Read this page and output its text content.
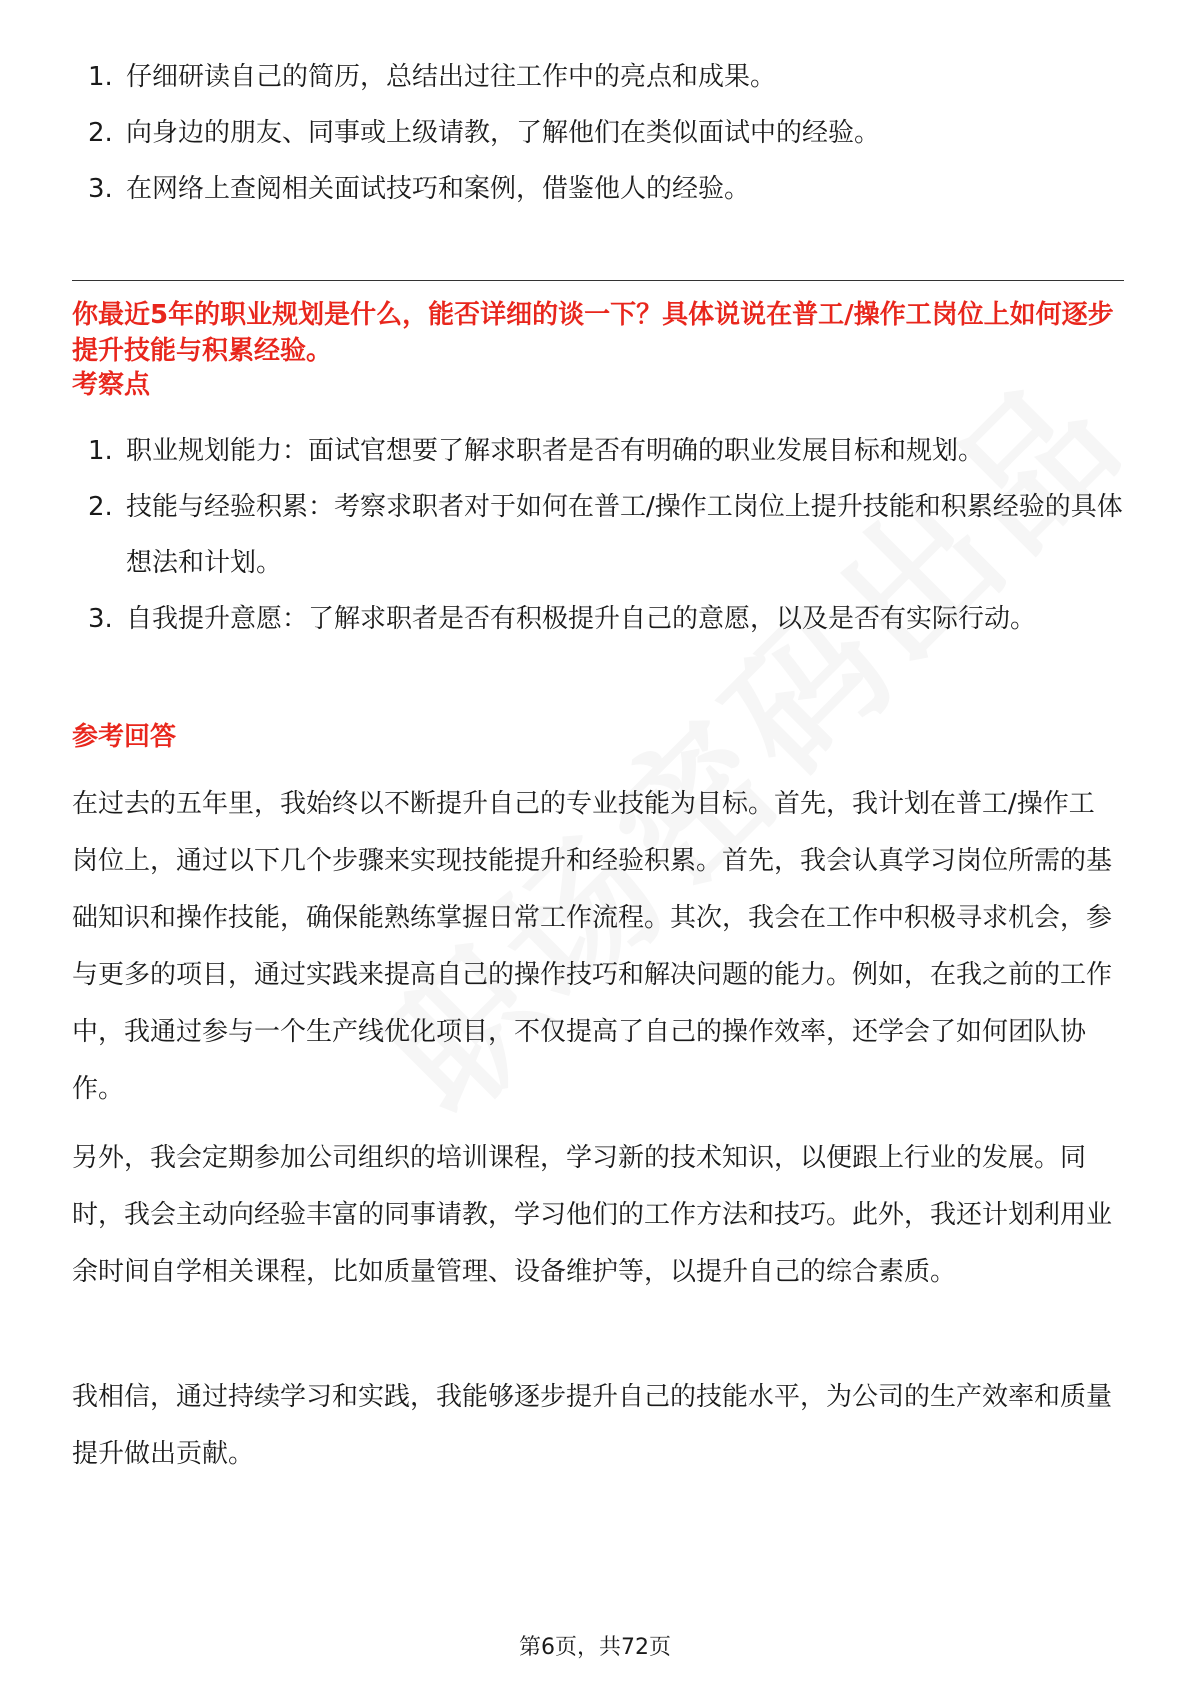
1. 仔细研读自己的简历，总结出过往工作中的亮点和成果。
2. 向身边的朋友、同事或上级请教，了解他们在类似面试中的经验。
3. 在网络上查阅相关面试技巧和案例，借鉴他人的经验。
你最近5年的职业规划是什么，能否详细的谈一下？具体说说在普工/操作工岗位上如何逐步提升技能与积累经验。
考察点
1. 职业规划能力：面试官想要了解求职者是否有明确的职业发展目标和规划。
2. 技能与经验积累：考察求职者对于如何在普工/操作工岗位上提升技能和积累经验的具体想法和计划。
3. 自我提升意愿：了解求职者是否有积极提升自己的意愿，以及是否有实际行动。
参考回答
在过去的五年里，我始终以不断提升自己的专业技能为目标。首先，我计划在普工/操作工岗位上，通过以下几个步骤来实现技能提升和经验积累。首先，我会认真学习岗位所需的基础知识和操作技能，确保能熟练掌握日常工作流程。其次，我会在工作中积极寻求机会，参与更多的项目，通过实践来提高自己的操作技巧和解决问题的能力。例如，在我之前的工作中，我通过参与一个生产线优化项目，不仅提高了自己的操作效率，还学会了如何团队协作。
另外，我会定期参加公司组织的培训课程，学习新的技术知识，以便跟上行业的发展。同时，我会主动向经验丰富的同事请教，学习他们的工作方法和技巧。此外，我还计划利用业余时间自学相关课程，比如质量管理、设备维护等，以提升自己的综合素质。
我相信，通过持续学习和实践，我能够逐步提升自己的技能水平，为公司的生产效率和质量提升做出贡献。
第6页，共72页
